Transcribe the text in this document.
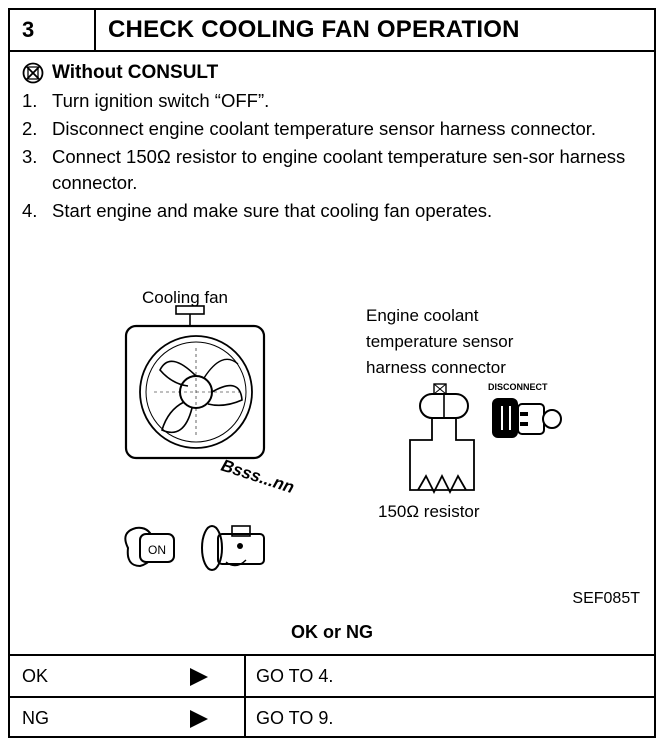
3	CHECK COOLING FAN OPERATION
Without CONSULT
1. Turn ignition switch “OFF”.
2. Disconnect engine coolant temperature sensor harness connector.
3. Connect 150Ω resistor to engine coolant temperature sen-sor harness connector.
4. Start engine and make sure that cooling fan operates.
Cooling fan
Engine coolant
temperature sensor
harness connector
DISCONNECT
150Ω resistor
Bsss...nn
ON
SEF085T
OK or NG
OK	GO TO 4.
NG	GO TO 9.
